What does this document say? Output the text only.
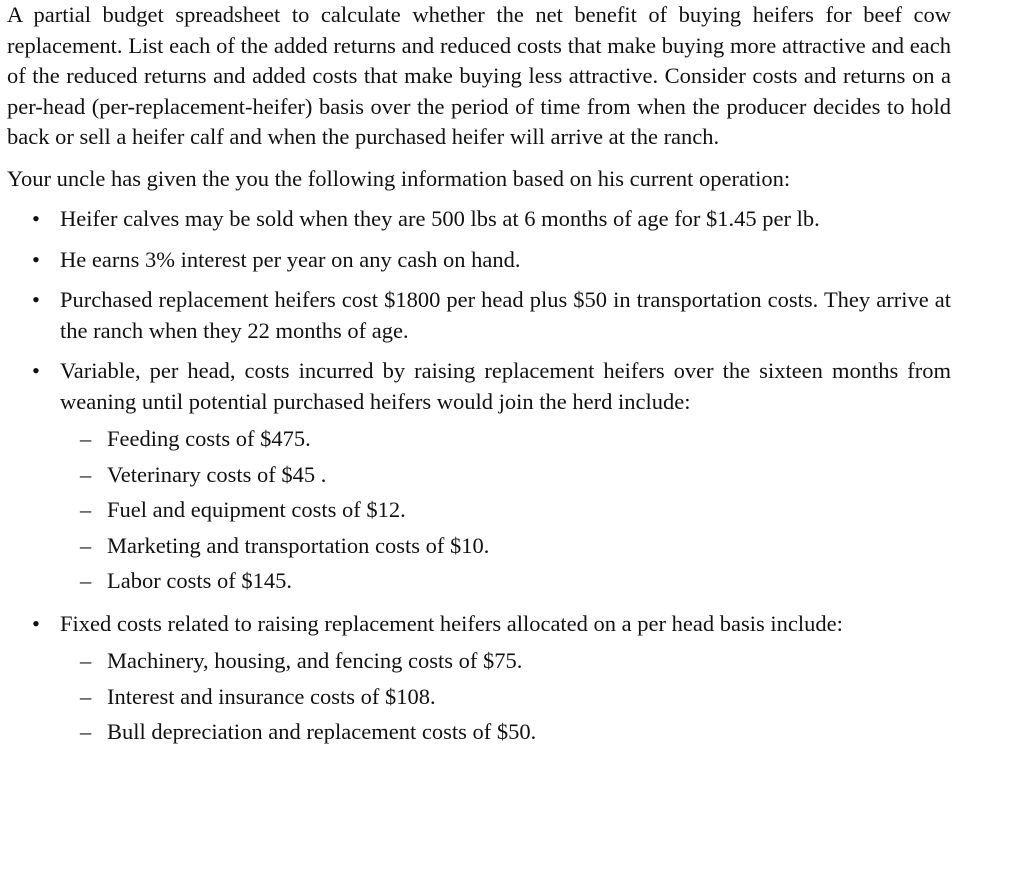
A partial budget spreadsheet to calculate whether the net benefit of buying heifers for beef cow replacement. List each of the added returns and reduced costs that make buying more attractive and each of the reduced returns and added costs that make buying less attractive. Consider costs and returns on a per-head (per-replacement-heifer) basis over the period of time from when the producer decides to hold back or sell a heifer calf and when the purchased heifer will arrive at the ranch.

Your uncle has given the you the following information based on his current operation:

• Heifer calves may be sold when they are 500 lbs at 6 months of age for $1.45 per lb.
• He earns 3% interest per year on any cash on hand.
• Purchased replacement heifers cost $1800 per head plus $50 in transportation costs. They arrive at the ranch when they 22 months of age.
• Variable, per head, costs incurred by raising replacement heifers over the sixteen months from weaning until potential purchased heifers would join the herd include:
– Feeding costs of $475.
– Veterinary costs of $45 .
– Fuel and equipment costs of $12.
– Marketing and transportation costs of $10.
– Labor costs of $145.
• Fixed costs related to raising replacement heifers allocated on a per head basis include:
– Machinery, housing, and fencing costs of $75.
– Interest and insurance costs of $108.
– Bull depreciation and replacement costs of $50.
